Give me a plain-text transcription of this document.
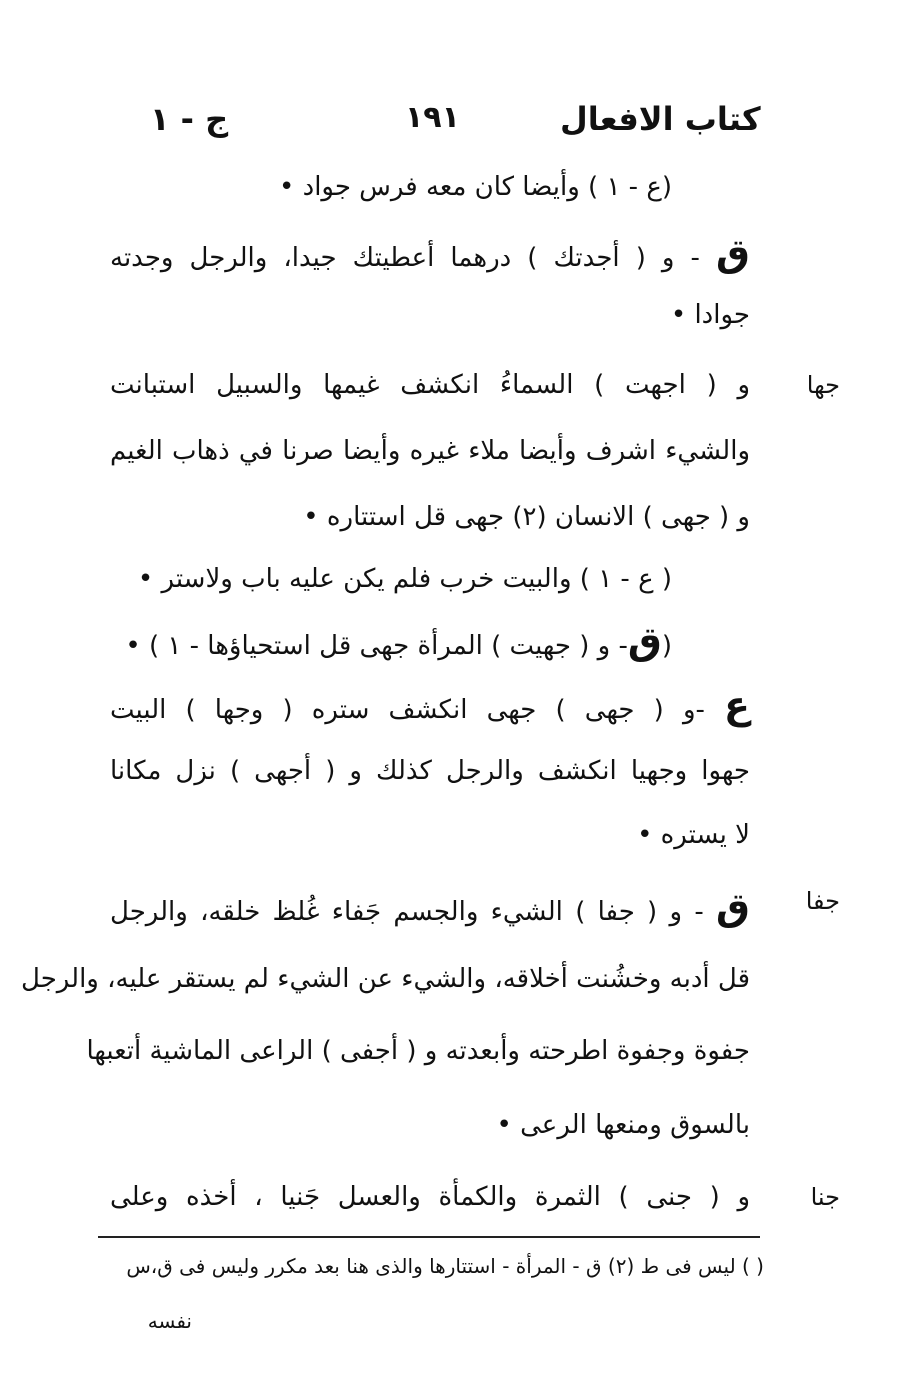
كتاب الافعال
١٩١
ج - ١
(ع - ١ ) وأيضا كان معه فرس جواد •
ق - و ( أجدتك ) درهما أعطيتك جيدا، والرجل وجدته
جوادا •
جها
و ( اجهت ) السماءُ انكشف غيمها والسبيل استبانت
والشيء اشرف وأيضا ملاء غيره وأيضا صرنا في ذهاب الغيم
و ( جهى ) الانسان (٢) جهى قل استتاره •
( ع - ١ ) والبيت خرب فلم يكن عليه باب ولاستر •
(ق- و ( جهيت ) المرأة جهى قل استحياؤها - ١ ) •
ع -و ( جهى ) جهى انكشف ستره ( وجها ) البيت
جهوا وجهيا انكشف والرجل كذلك و ( أجهى ) نزل مكانا
لا يستره •
جفا
ق - و ( جفا ) الشيء والجسم جَفاء غُلظ خلقه، والرجل
قل أدبه وخشُنت أخلاقه، والشيء عن الشيء لم يستقر عليه، والرجل
جفوة وجفوة اطرحته وأبعدته و ( أجفى ) الراعى الماشية أتعبها
بالسوق ومنعها الرعى •
جنا
و ( جنى ) الثمرة والكمأة والعسل جَنيا ، أخذه وعلى
( ) ليس فى ط (٢) ق - المرأة - استتارها والذى هنا بعد مكرر وليس فى ق،س
نفسه
